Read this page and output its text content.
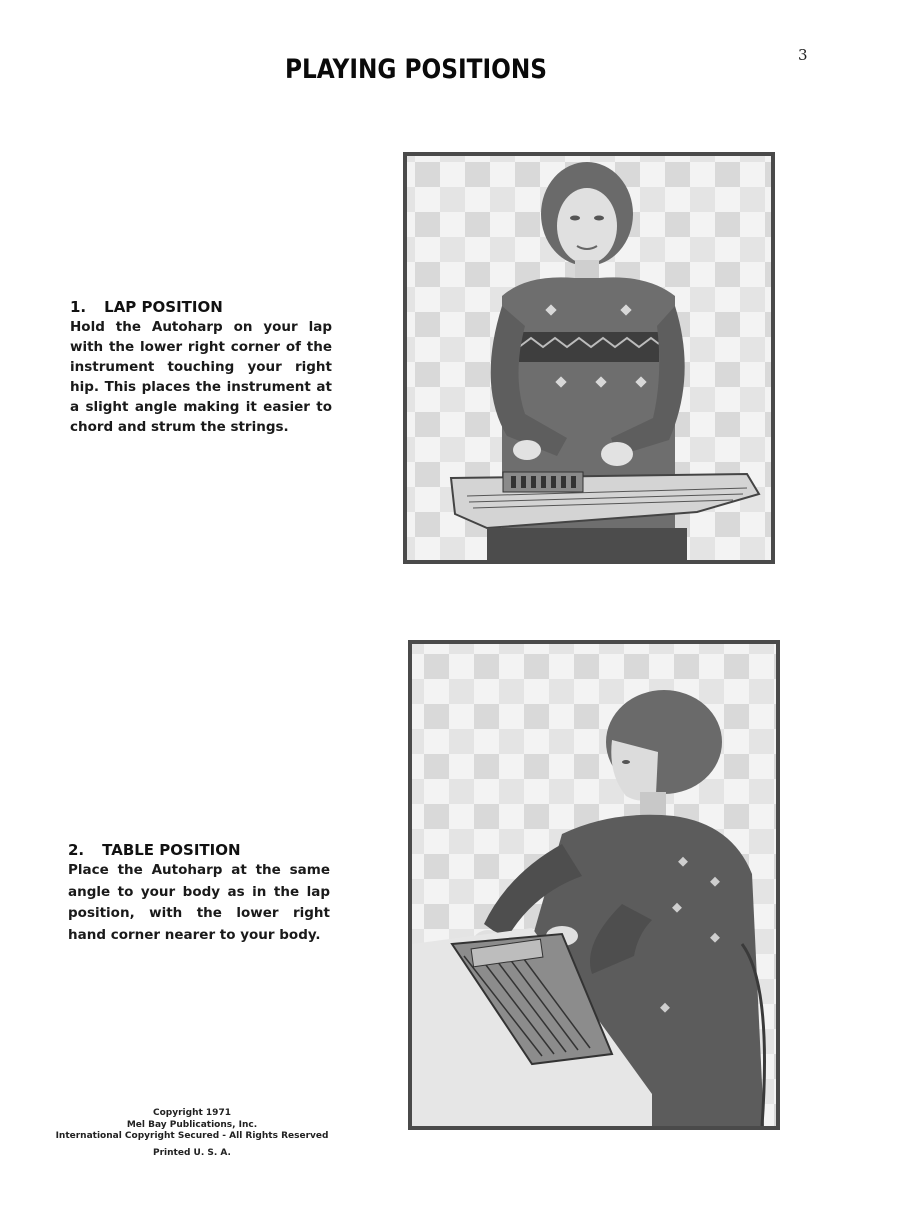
3
PLAYING POSITIONS
1. LAP POSITION
Hold the Autoharp on your lap with the lower right corner of the instrument touching your right hip. This places the instrument at a slight angle making it easier to chord and strum the strings.
2. TABLE POSITION
Place the Autoharp at the same angle to your body as in the lap position, with the lower right hand corner nearer to your body.
Copyright 1971
Mel Bay Publications, Inc.
International Copyright Secured - All Rights Reserved
Printed U. S. A.
